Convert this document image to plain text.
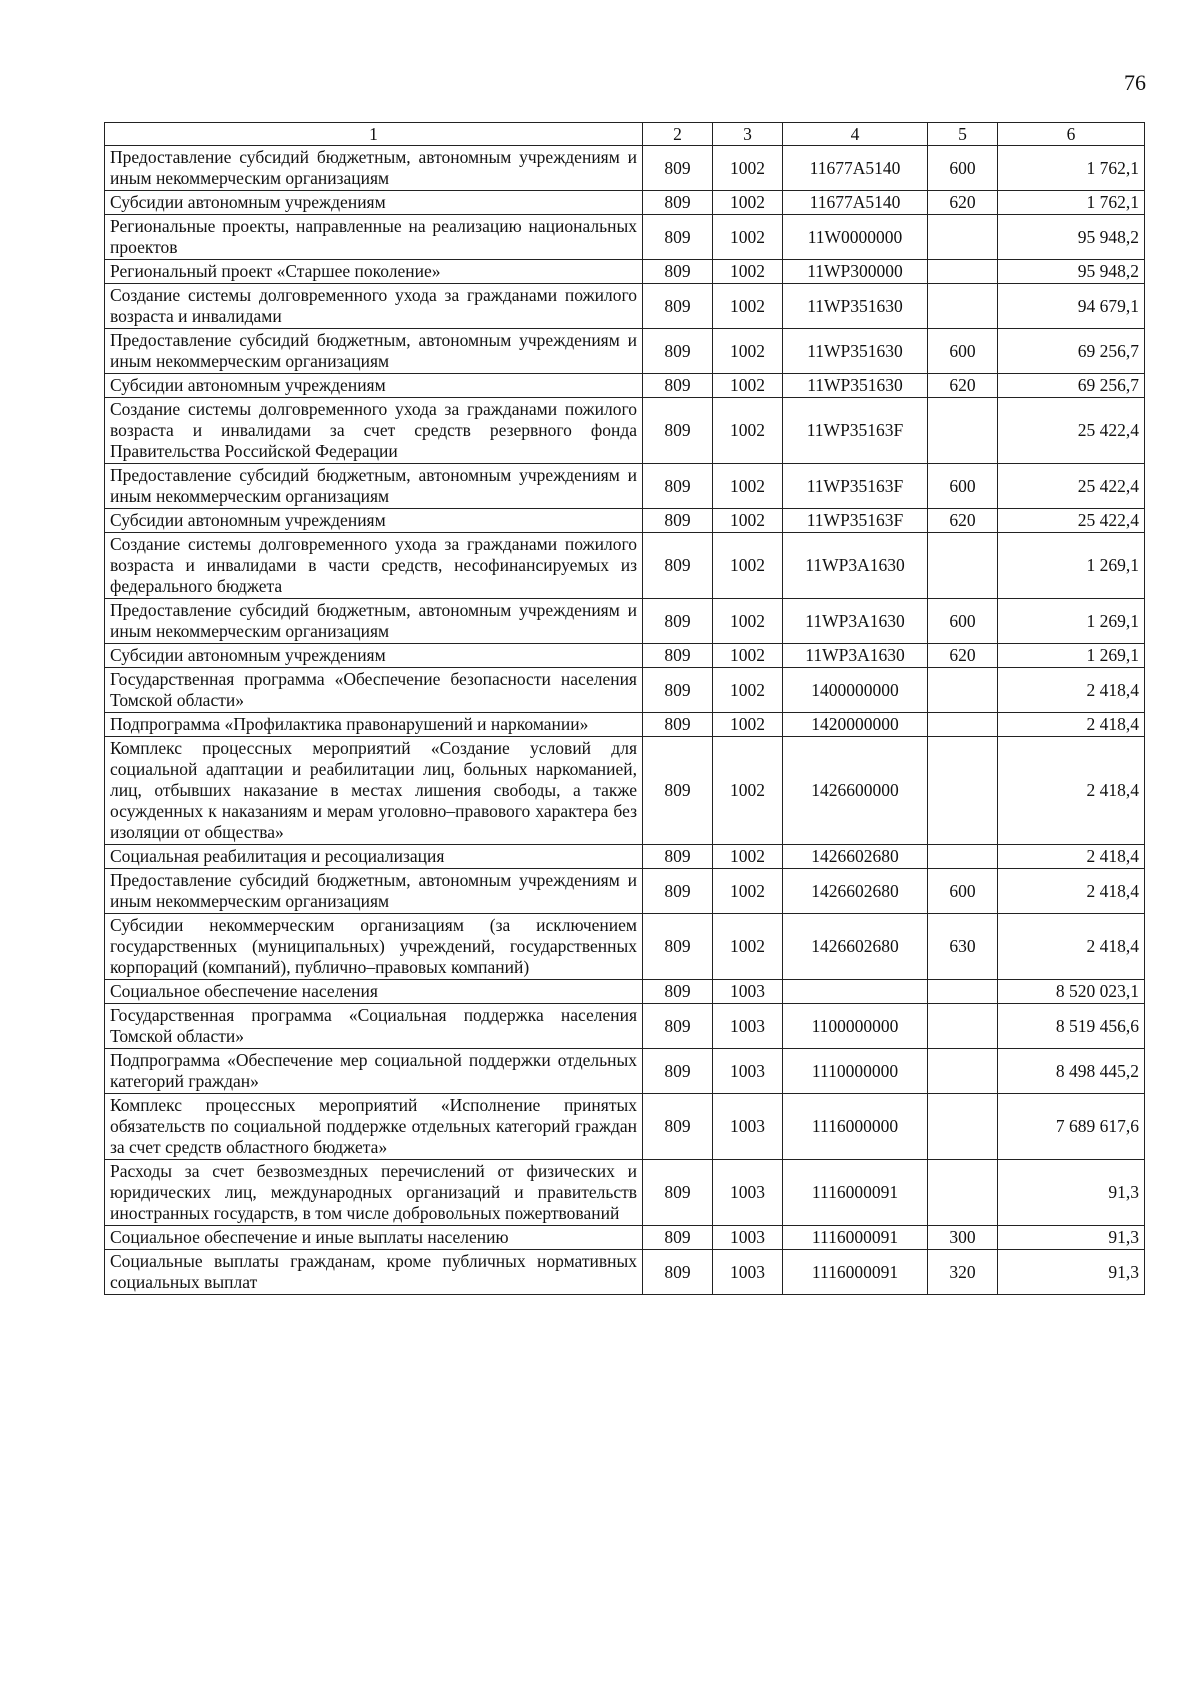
76
1	2	3	4	5	6
Предоставление субсидий бюджетным, автономным учреждениям и иным некоммерческим организациям	809	1002	11677А5140	600	1 762,1
Субсидии автономным учреждениям	809	1002	11677А5140	620	1 762,1
Региональные проекты, направленные на реализацию национальных проектов	809	1002	11W0000000		95 948,2
Региональный проект «Старшее поколение»	809	1002	11WP300000		95 948,2
Создание системы долговременного ухода за гражданами пожилого возраста и инвалидами	809	1002	11WP351630		94 679,1
Предоставление субсидий бюджетным, автономным учреждениям и иным некоммерческим организациям	809	1002	11WP351630	600	69 256,7
Субсидии автономным учреждениям	809	1002	11WP351630	620	69 256,7
Создание системы долговременного ухода за гражданами пожилого возраста и инвалидами за счет средств резервного фонда Правительства Российской Федерации	809	1002	11WP35163F		25 422,4
Предоставление субсидий бюджетным, автономным учреждениям и иным некоммерческим организациям	809	1002	11WP35163F	600	25 422,4
Субсидии автономным учреждениям	809	1002	11WP35163F	620	25 422,4
Создание системы долговременного ухода за гражданами пожилого возраста и инвалидами в части средств, несофинансируемых из федерального бюджета	809	1002	11WP3A1630		1 269,1
Предоставление субсидий бюджетным, автономным учреждениям и иным некоммерческим организациям	809	1002	11WP3A1630	600	1 269,1
Субсидии автономным учреждениям	809	1002	11WP3A1630	620	1 269,1
Государственная программа «Обеспечение безопасности населения Томской области»	809	1002	1400000000		2 418,4
Подпрограмма «Профилактика правонарушений и наркомании»	809	1002	1420000000		2 418,4
Комплекс процессных мероприятий «Создание условий для социальной адаптации и реабилитации лиц, больных наркоманией, лиц, отбывших наказание в местах лишения свободы, а также осужденных к наказаниям и мерам уголовно–правового характера без изоляции от общества»	809	1002	1426600000		2 418,4
Социальная реабилитация и ресоциализация	809	1002	1426602680		2 418,4
Предоставление субсидий бюджетным, автономным учреждениям и иным некоммерческим организациям	809	1002	1426602680	600	2 418,4
Субсидии некоммерческим организациям (за исключением государственных (муниципальных) учреждений, государственных корпораций (компаний), публично–правовых компаний)	809	1002	1426602680	630	2 418,4
Социальное обеспечение населения	809	1003			8 520 023,1
Государственная программа «Социальная поддержка населения Томской области»	809	1003	1100000000		8 519 456,6
Подпрограмма «Обеспечение мер социальной поддержки отдельных категорий граждан»	809	1003	1110000000		8 498 445,2
Комплекс процессных мероприятий «Исполнение принятых обязательств по социальной поддержке отдельных категорий граждан за счет средств областного бюджета»	809	1003	1116000000		7 689 617,6
Расходы за счет безвозмездных перечислений от физических и юридических лиц, международных организаций и правительств иностранных государств, в том числе добровольных пожертвований	809	1003	1116000091		91,3
Социальное обеспечение и иные выплаты населению	809	1003	1116000091	300	91,3
Социальные выплаты гражданам, кроме публичных нормативных социальных выплат	809	1003	1116000091	320	91,3
